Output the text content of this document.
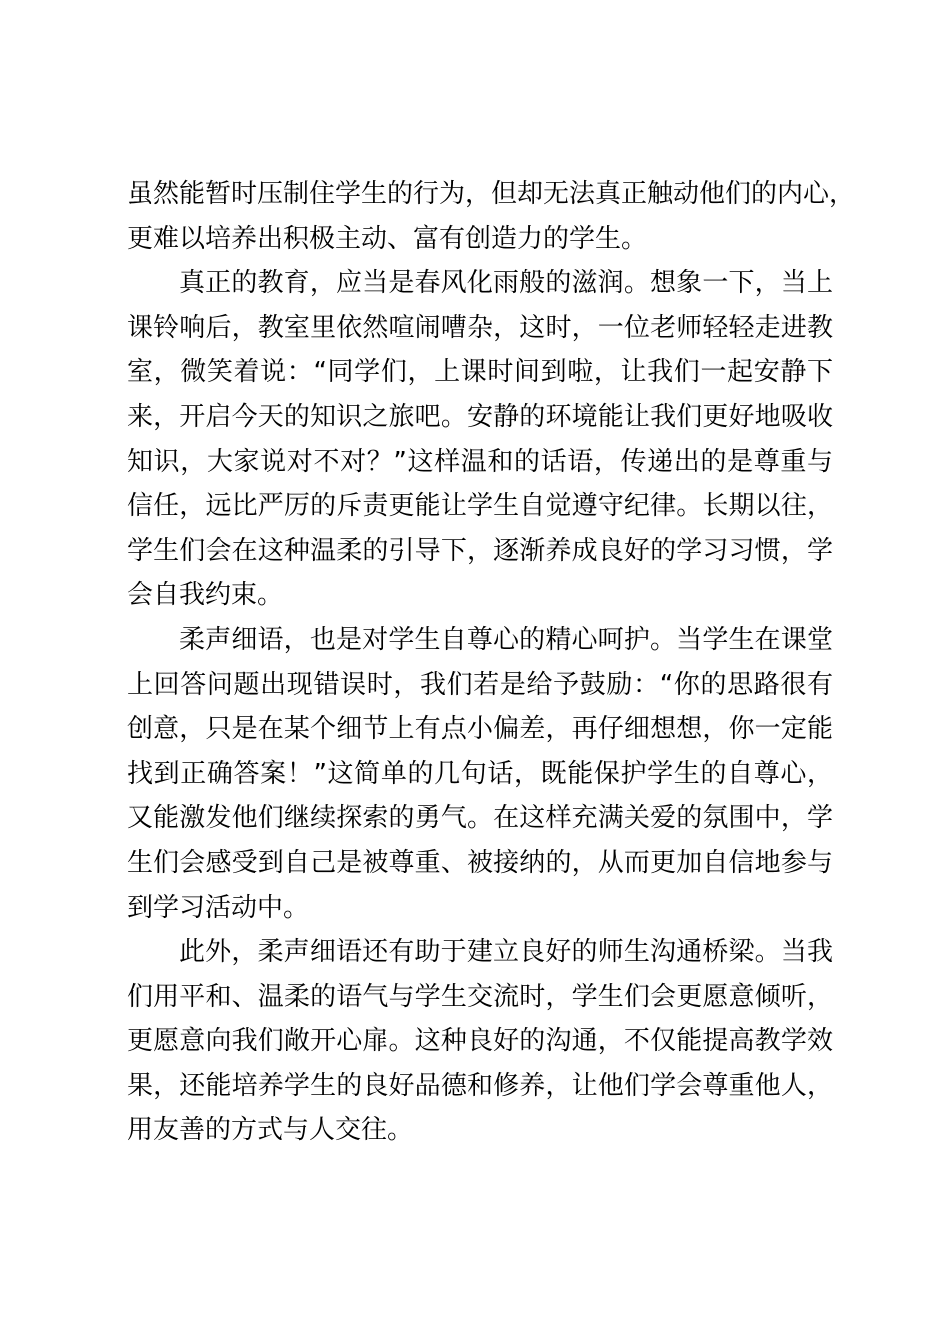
虽然能暂时压制住学生的行为，但却无法真正触动他们的内心，
更难以培养出积极主动、富有创造力的学生。
真正的教育，应当是春风化雨般的滋润。想象一下，当上
课铃响后，教室里依然喧闹嘈杂，这时，一位老师轻轻走进教
室，微笑着说：“同学们，上课时间到啦，让我们一起安静下
来，开启今天的知识之旅吧。安静的环境能让我们更好地吸收
知识，大家说对不对？”这样温和的话语，传递出的是尊重与
信任，远比严厉的斥责更能让学生自觉遵守纪律。长期以往，
学生们会在这种温柔的引导下，逐渐养成良好的学习习惯，学
会自我约束。
柔声细语，也是对学生自尊心的精心呵护。当学生在课堂
上回答问题出现错误时，我们若是给予鼓励：“你的思路很有
创意，只是在某个细节上有点小偏差，再仔细想想，你一定能
找到正确答案！”这简单的几句话，既能保护学生的自尊心，
又能激发他们继续探索的勇气。在这样充满关爱的氛围中，学
生们会感受到自己是被尊重、被接纳的，从而更加自信地参与
到学习活动中。
此外，柔声细语还有助于建立良好的师生沟通桥梁。当我
们用平和、温柔的语气与学生交流时，学生们会更愿意倾听，
更愿意向我们敞开心扉。这种良好的沟通，不仅能提高教学效
果，还能培养学生的良好品德和修养，让他们学会尊重他人，
用友善的方式与人交往。
